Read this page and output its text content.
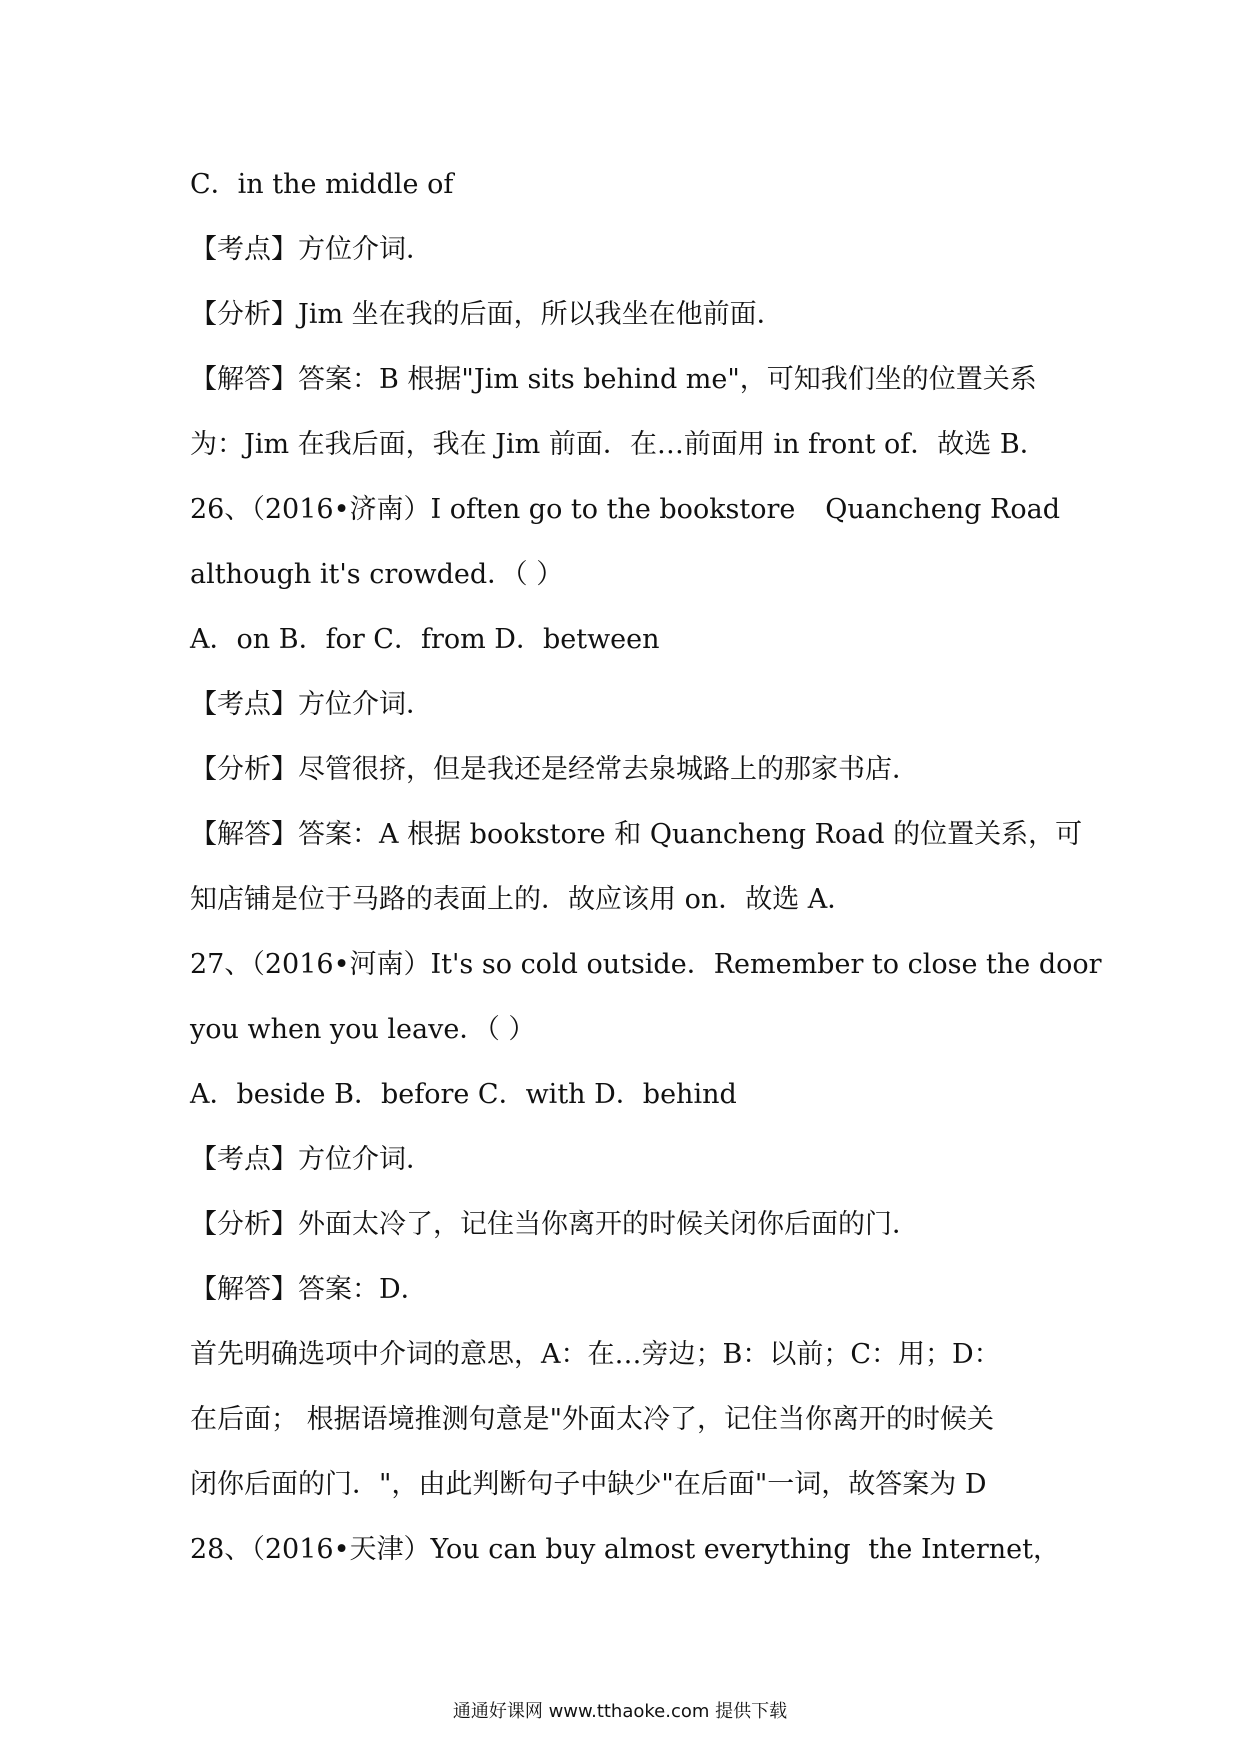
C．in the middle of
【考点】方位介词．
【分析】Jim 坐在我的后面，所以我坐在他前面．
【解答】答案：B 根据"Jim sits behind me"，可知我们坐的位置关系
为：Jim 在我后面，我在 Jim 前面．在…前面用 in front of．故选 B．
26、（2016•济南）I often go to the bookstore Quancheng Road
although it's crowded．（ ）
A．on B．for C．from D．between
【考点】方位介词．
【分析】尽管很挤，但是我还是经常去泉城路上的那家书店．
【解答】答案：A 根据 bookstore 和 Quancheng Road 的位置关系，可
知店铺是位于马路的表面上的．故应该用 on．故选 A．
27、（2016•河南）It's so cold outside．Remember to close the door
you when you leave．（ ）
A．beside B．before C．with D．behind
【考点】方位介词．
【分析】外面太冷了，记住当你离开的时候关闭你后面的门．
【解答】答案：D．
首先明确选项中介词的意思，A：在…旁边；B：以前；C：用；D：
在后面； 根据语境推测句意是"外面太冷了，记住当你离开的时候关
闭你后面的门．"，由此判断句子中缺少"在后面"一词，故答案为 D
28、（2016•天津）You can buy almost everything the Internet，
通通好课网 www.tthaoke.com 提供下载
